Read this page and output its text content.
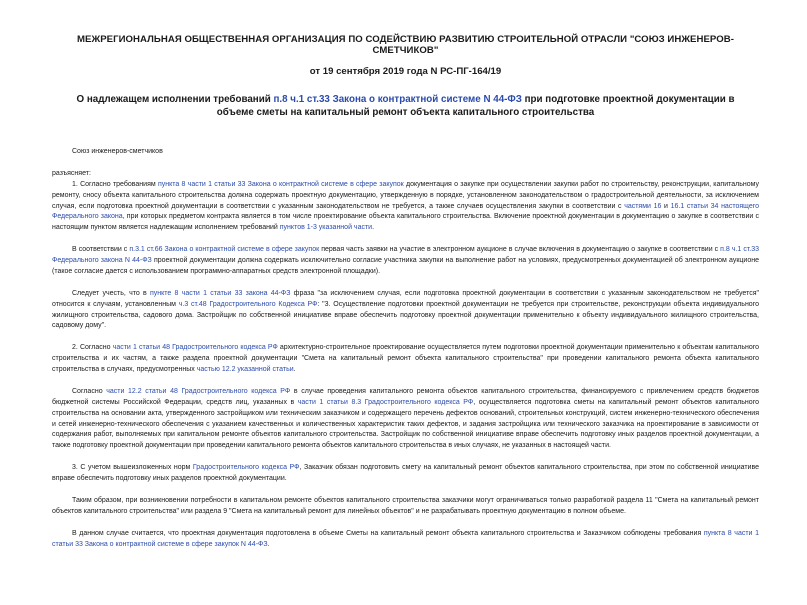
МЕЖРЕГИОНАЛЬНАЯ ОБЩЕСТВЕННАЯ ОРГАНИЗАЦИЯ ПО СОДЕЙСТВИЮ РАЗВИТИЮ СТРОИТЕЛЬНОЙ ОТРАСЛИ "СОЮЗ ИНЖЕНЕРОВ-СМЕТЧИКОВ"
от 19 сентября 2019 года N РС-ПГ-164/19
О надлежащем исполнении требований п.8 ч.1 ст.33 Закона о контрактной системе N 44-ФЗ при подготовке проектной документации в объеме сметы на капитальный ремонт объекта капитального строительства

Союз инженеров-сметчиков

разъясняет:

1. Согласно требованиям пункта 8 части 1 статьи 33 Закона о контрактной системе в сфере закупок документация о закупке при осуществлении закупки работ по строительству, реконструкции, капитальному ремонту, сносу объекта капитального строительства должна содержать проектную документацию, утвержденную в порядке, установленном законодательством о градостроительной деятельности, за исключением случая, если подготовка проектной документации в соответствии с указанным законодательством не требуется, а также случаев осуществления закупки в соответствии с частями 16 и 16.1 статьи 34 настоящего Федерального закона, при которых предметом контракта является в том числе проектирование объекта капитального строительства. Включение проектной документации в документацию о закупке в соответствии с настоящим пунктом является надлежащим исполнением требований пунктов 1-3 указанной части.

В соответствии с п.3.1 ст.66 Закона о контрактной системе в сфере закупок первая часть заявки на участие в электронном аукционе в случае включения в документацию о закупке в соответствии с п.8 ч.1 ст.33 Федерального закона N 44-ФЗ проектной документации должна содержать исключительно согласие участника закупки на выполнение работ на условиях, предусмотренных документацией об электронном аукционе (такое согласие дается с использованием программно-аппаратных средств электронной площадки).

Следует учесть, что в пункте 8 части 1 статьи 33 закона 44-ФЗ фраза "за исключением случая, если подготовка проектной документации в соответствии с указанным законодательством не требуется" относится к случаям, установленным ч.3 ст.48 Градостроительного Кодекса РФ: "3. Осуществление подготовки проектной документации не требуется при строительстве, реконструкции объекта индивидуального жилищного строительства, садового дома. Застройщик по собственной инициативе вправе обеспечить подготовку проектной документации применительно к объекту индивидуального жилищного строительства, садовому дому".

2. Согласно части 1 статьи 48 Градостроительного кодекса РФ архитектурно-строительное проектирование осуществляется путем подготовки проектной документации применительно к объектам капитального строительства и их частям, а также раздела проектной документации "Смета на капитальный ремонт объекта капитального строительства" при проведении капитального ремонта объекта капитального строительства в случаях, предусмотренных частью 12.2 указанной статьи.

Согласно части 12.2 статьи 48 Градостроительного кодекса РФ в случае проведения капитального ремонта объектов капитального строительства, финансируемого с привлечением средств бюджетов бюджетной системы Российской Федерации, средств лиц, указанных в части 1 статьи 8.3 Градостроительного кодекса РФ, осуществляется подготовка сметы на капитальный ремонт объектов капитального строительства на основании акта, утвержденного застройщиком или техническим заказчиком и содержащего перечень дефектов оснований, строительных конструкций, систем инженерно-технического обеспечения и сетей инженерно-технического обеспечения с указанием качественных и количественных характеристик таких дефектов, и задания застройщика или технического заказчика на проектирование в зависимости от содержания работ, выполняемых при капитальном ремонте объектов капитального строительства. Застройщик по собственной инициативе вправе обеспечить подготовку иных разделов проектной документации, а также подготовку проектной документации при проведении капитального ремонта объектов капитального строительства в иных случаях, не указанных в настоящей части.

3. С учетом вышеизложенных норм Градостроительного кодекса РФ, Заказчик обязан подготовить смету на капитальный ремонт объектов капитального строительства, при этом по собственной инициативе вправе обеспечить подготовку иных разделов проектной документации.

Таким образом, при возникновении потребности в капитальном ремонте объектов капитального строительства заказчики могут ограничиваться только разработкой раздела 11 "Смета на капитальный ремонт объектов капитального строительства" или раздела 9 "Смета на капитальный ремонт для линейных объектов" и не разрабатывать проектную документацию в полном объеме.

В данном случае считается, что проектная документация подготовлена в объеме Сметы на капитальный ремонт объекта капитального строительства и Заказчиком соблюдены требования пункта 8 части 1 статьи 33 Закона о контрактной системе в сфере закупок N 44-ФЗ.
